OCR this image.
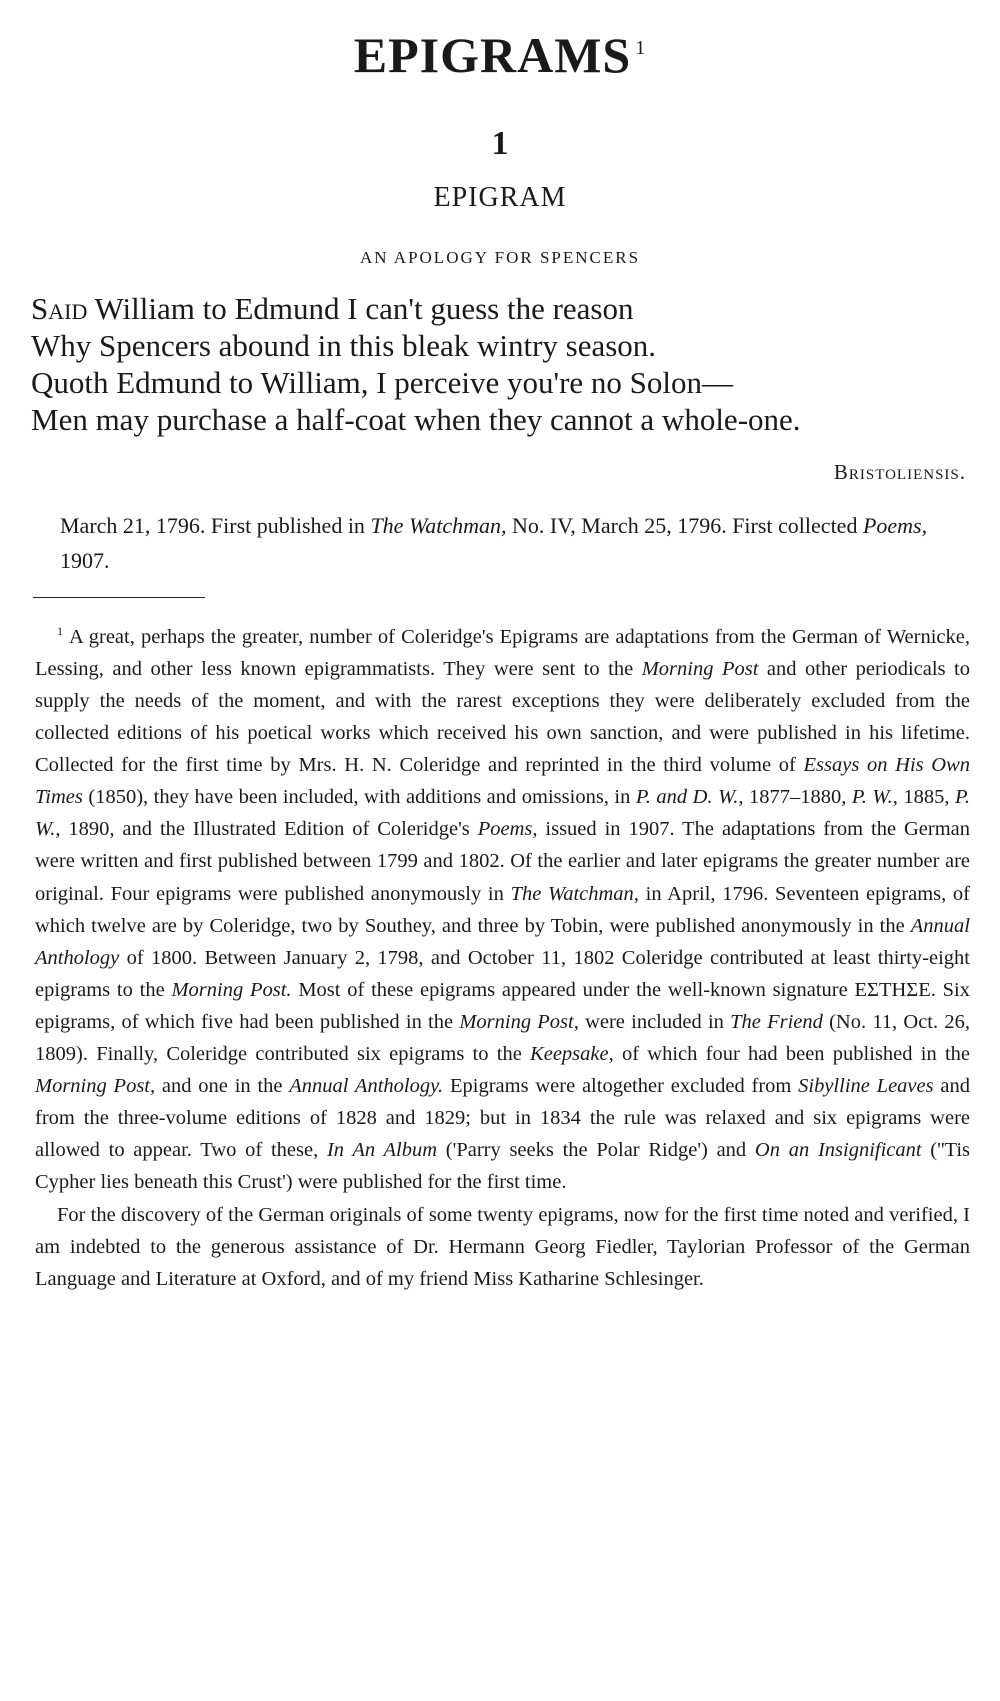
EPIGRAMS $^1$
1
EPIGRAM
AN APOLOGY FOR SPENCERS
Said William to Edmund I can't guess the reason
Why Spencers abound in this bleak wintry season.
Quoth Edmund to William, I perceive you're no Solon—
Men may purchase a half-coat when they cannot a whole-one.
Bristoliensis.
March 21, 1796. First published in The Watchman, No. IV, March 25, 1796. First collected Poems, 1907.

$^1$ A great, perhaps the greater, number of Coleridge's Epigrams are adaptations from the German of Wernicke, Lessing, and other less known epigrammatists. They were sent to the Morning Post and other periodicals to supply the needs of the moment, and with the rarest exceptions they were deliberately excluded from the collected editions of his poetical works which received his own sanction, and were published in his lifetime. Collected for the first time by Mrs. H. N. Coleridge and reprinted in the third volume of Essays on His Own Times (1850), they have been included, with additions and omissions, in P. and D. W., 1877–1880, P. W., 1885, P. W., 1890, and the Illustrated Edition of Coleridge's Poems, issued in 1907. The adaptations from the German were written and first published between 1799 and 1802. Of the earlier and later epigrams the greater number are original. Four epigrams were published anonymously in The Watchman, in April, 1796. Seventeen epigrams, of which twelve are by Coleridge, two by Southey, and three by Tobin, were published anonymously in the Annual Anthology of 1800. Between January 2, 1798, and October 11, 1802 Coleridge contributed at least thirty-eight epigrams to the Morning Post. Most of these epigrams appeared under the well-known signature ΕΣΤΗΣΕ. Six epigrams, of which five had been published in the Morning Post, were included in The Friend (No. 11, Oct. 26, 1809). Finally, Coleridge contributed six epigrams to the Keepsake, of which four had been published in the Morning Post, and one in the Annual Anthology. Epigrams were altogether excluded from Sibylline Leaves and from the three-volume editions of 1828 and 1829; but in 1834 the rule was relaxed and six epigrams were allowed to appear. Two of these, In An Album ('Parry seeks the Polar Ridge') and On an Insignificant (''Tis Cypher lies beneath this Crust') were published for the first time.

For the discovery of the German originals of some twenty epigrams, now for the first time noted and verified, I am indebted to the generous assistance of Dr. Hermann Georg Fiedler, Taylorian Professor of the German Language and Literature at Oxford, and of my friend Miss Katharine Schlesinger.
